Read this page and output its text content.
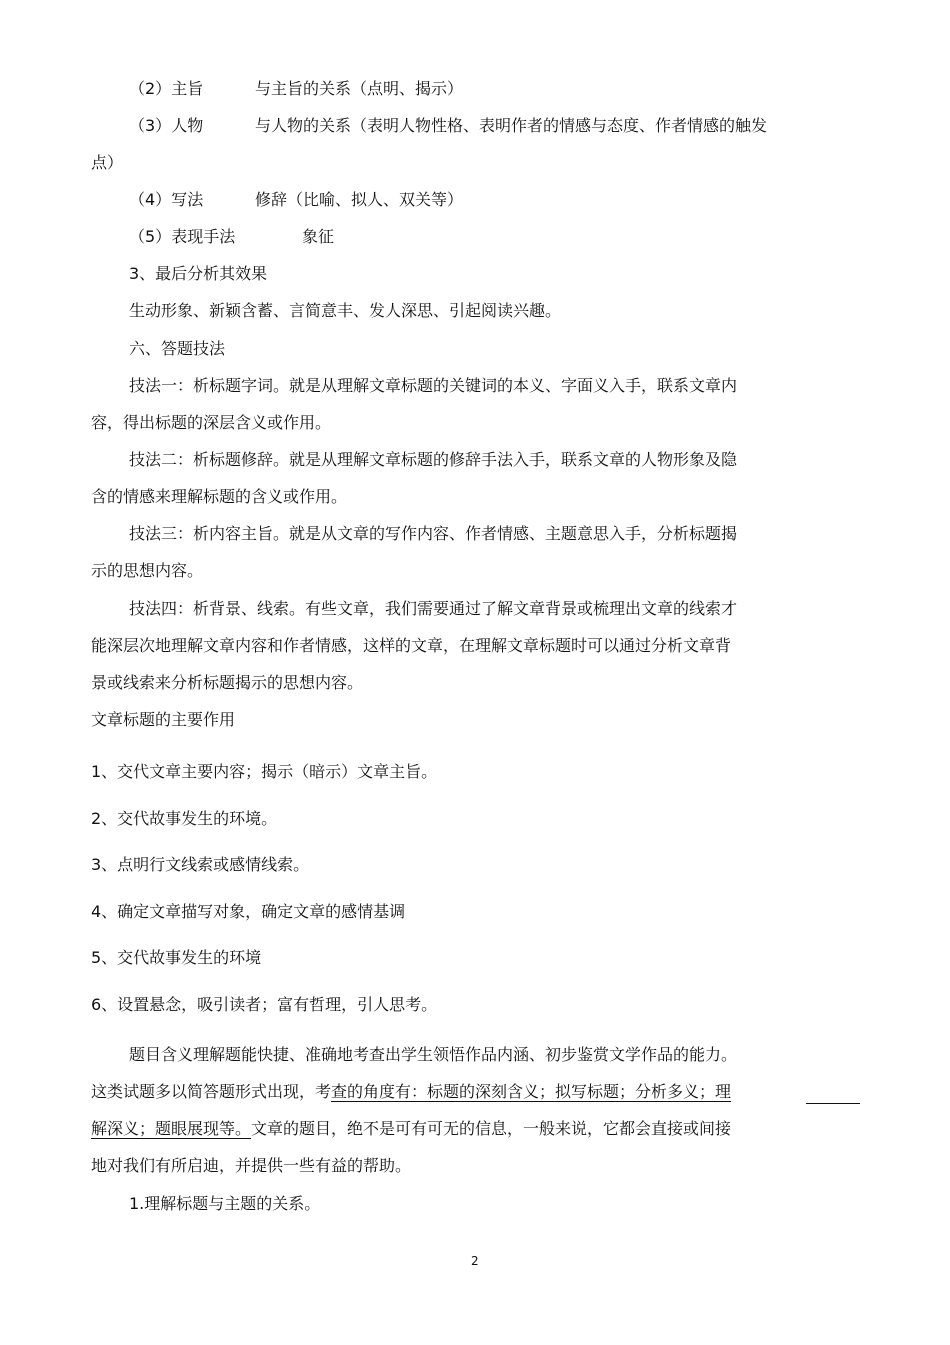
（2）主旨	与主旨的关系（点明、揭示）
（3）人物	与人物的关系（表明人物性格、表明作者的情感与态度、作者情感的触发
点）
（4）写法	修辞（比喻、拟人、双关等）
（5）表现手法	象征
3、最后分析其效果
生动形象、新颖含蓄、言简意丰、发人深思、引起阅读兴趣。
六、答题技法
技法一：析标题字词。就是从理解文章标题的关键词的本义、字面义入手，联系文章内
容，得出标题的深层含义或作用。
技法二：析标题修辞。就是从理解文章标题的修辞手法入手，联系文章的人物形象及隐
含的情感来理解标题的含义或作用。
技法三：析内容主旨。就是从文章的写作内容、作者情感、主题意思入手，分析标题揭
示的思想内容。
技法四：析背景、线索。有些文章，我们需要通过了解文章背景或梳理出文章的线索才
能深层次地理解文章内容和作者情感，这样的文章，在理解文章标题时可以通过分析文章背
景或线索来分析标题揭示的思想内容。
文章标题的主要作用
1、交代文章主要内容；揭示（暗示）文章主旨。
2、交代故事发生的环境。
3、点明行文线索或感情线索。
4、确定文章描写对象，确定文章的感情基调
5、交代故事发生的环境
6、设置悬念，吸引读者；富有哲理，引人思考。
题目含义理解题能快捷、准确地考查出学生领悟作品内涵、初步鉴赏文学作品的能力。
这类试题多以简答题形式出现，考查的角度有：标题的深刻含义；拟写标题；分析多义；理
解深义；题眼展现等。文章的题目，绝不是可有可无的信息，一般来说，它都会直接或间接
地对我们有所启迪，并提供一些有益的帮助。
1.理解标题与主题的关系。
2
